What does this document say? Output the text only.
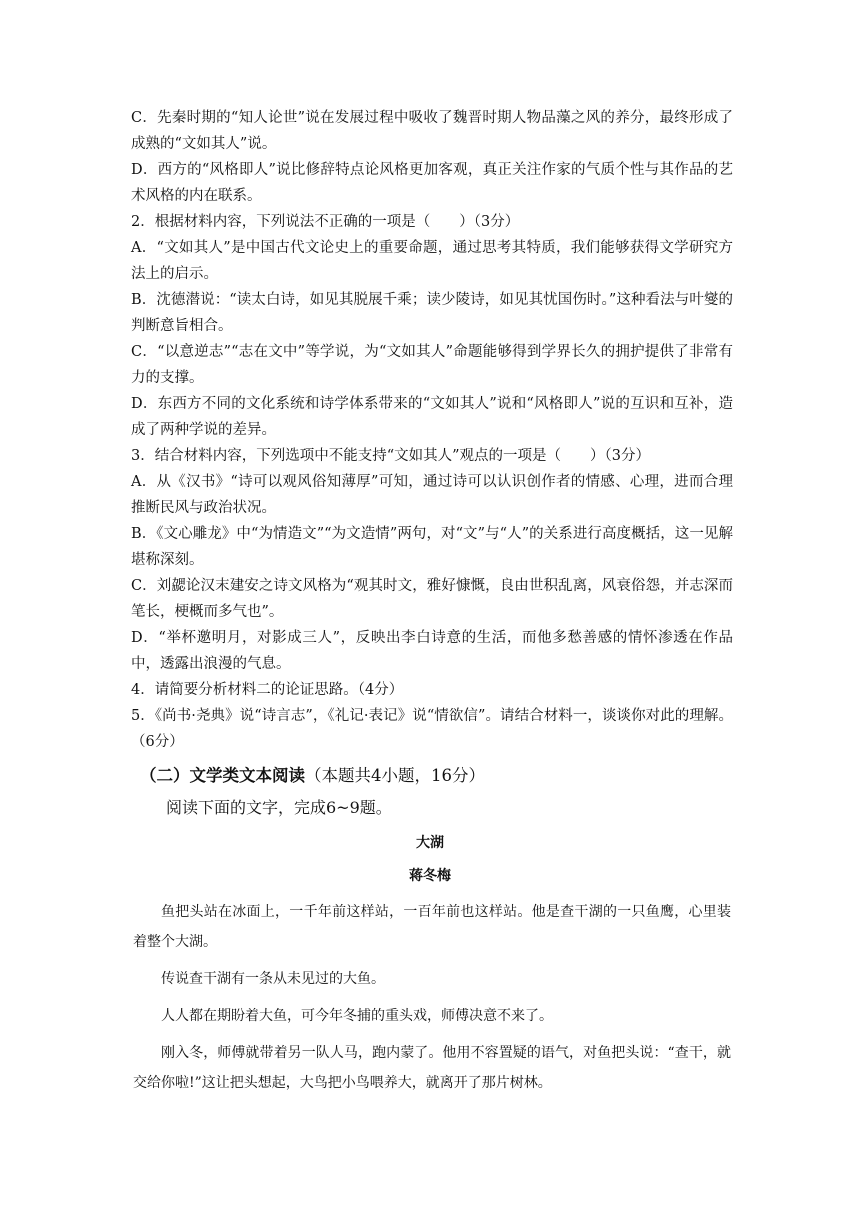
C．先秦时期的“知人论世”说在发展过程中吸收了魏晋时期人物品藻之风的养分，最终形成了成熟的“文如其人”说。

D．西方的“风格即人”说比修辞特点论风格更加客观，真正关注作家的气质个性与其作品的艺术风格的内在联系。

2．根据材料内容，下列说法不正确的一项是（　　）（3分）

A．“文如其人”是中国古代文论史上的重要命题，通过思考其特质，我们能够获得文学研究方法上的启示。

B．沈德潜说：“读太白诗，如见其脱展千乘；读少陵诗，如见其忧国伤时。”这种看法与叶燮的判断意旨相合。

C．“以意逆志”“志在文中”等学说，为“文如其人”命题能够得到学界长久的拥护提供了非常有力的支撑。

D．东西方不同的文化系统和诗学体系带来的“文如其人”说和“风格即人”说的互识和互补，造成了两种学说的差异。

3．结合材料内容，下列选项中不能支持“文如其人”观点的一项是（　　）（3分）

A．从《汉书》“诗可以观风俗知薄厚”可知，通过诗可以认识创作者的情感、心理，进而合理推断民风与政治状况。

B．《文心雕龙》中“为情造文”“为文造情”两句，对“文”与“人”的关系进行高度概括，这一见解堪称深刻。

C．刘勰论汉末建安之诗文风格为“观其时文，雅好慷慨，良由世积乱离，风衰俗怨，并志深而笔长，梗概而多气也”。

D．“举杯邀明月，对影成三人”，反映出李白诗意的生活，而他多愁善感的情怀渗透在作品中，透露出浪漫的气息。

4．请简要分析材料二的论证思路。（4分）

5．《尚书·尧典》说“诗言志”，《礼记·表记》说“情欲信”。请结合材料一，谈谈你对此的理解。（6分）

（二）文学类文本阅读（本题共4小题，16分）
阅读下面的文字，完成6~9题。
大湖
蒋冬梅

鱼把头站在冰面上，一千年前这样站，一百年前也这样站。他是查干湖的一只鱼鹰，心里装着整个大湖。

传说查干湖有一条从未见过的大鱼。

人人都在期盼着大鱼，可今年冬捕的重头戏，师傅决意不来了。

刚入冬，师傅就带着另一队人马，跑内蒙了。他用不容置疑的语气，对鱼把头说：“查干，就交给你啦!”这让把头想起，大鸟把小鸟喂养大，就离开了那片树林。
